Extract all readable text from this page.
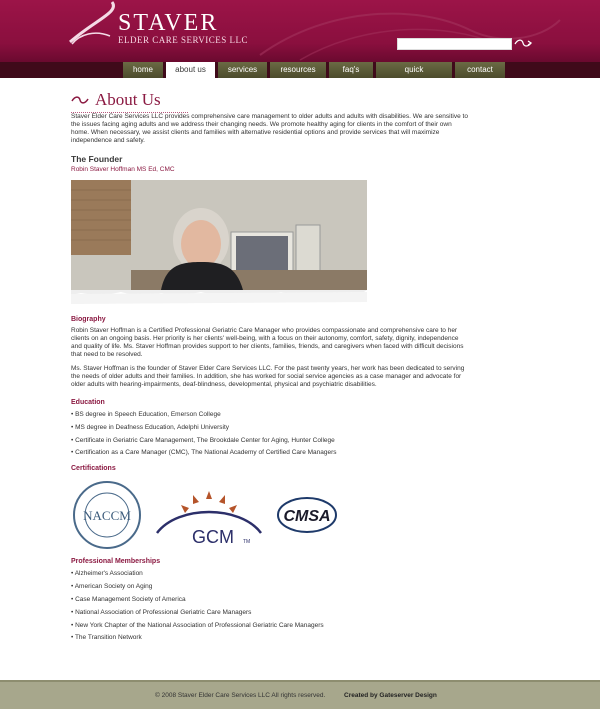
STAVER
ELDER CARE SERVICES LLC
home	about us	services	resources	faq's	quick assessment
contact us
About Us

Staver Elder Care Services LLC provides comprehensive care management to older adults and adults with disabilities. We are sensitive to the issues facing aging adults and we address their changing needs. We promote healthy aging for clients in the comfort of their own home. When necessary, we assist clients and families with alternative residential options and provide services that will maximize independence and safety.

The Founder
Robin Staver Hoffman MS Ed, CMC
Biography

Robin Staver Hoffman is a Certified Professional Geriatric Care Manager who provides compassionate and comprehensive care to her clients on an ongoing basis. Her priority is her clients' well-being, with a focus on their autonomy, comfort, safety, dignity, independence and quality of life. Ms. Staver Hoffman provides support to her clients, families, friends, and caregivers when faced with difficult decisions that need to be resolved.

Ms. Staver Hoffman is the founder of Staver Elder Care Services LLC. For the past twenty years, her work has been dedicated to serving the needs of older adults and their families. In addition, she has worked for social service agencies as a case manager and advocate for older adults with hearing-impairments, deaf-blindness, developmental, physical and psychiatric disabilities.

Education
• BS degree in Speech Education, Emerson College
• MS degree in Deafness Education, Adelphi University
• Certificate in Geriatric Care Management, The Brookdale Center for Aging, Hunter College
• Certification as a Care Manager (CMC), The National Academy of Certified Care Managers
Certifications
NACCM
GCM TM
CMSA
Professional Memberships
• Alzheimer's Association
• American Society on Aging
• Case Management Society of America
• National Association of Professional Geriatric Care Managers
• New York Chapter of the National Association of Professional Geriatric Care Managers
• The Transition Network
© 2008 Staver Elder Care Services LLC All rights reserved.	Created by Gateserver Design
